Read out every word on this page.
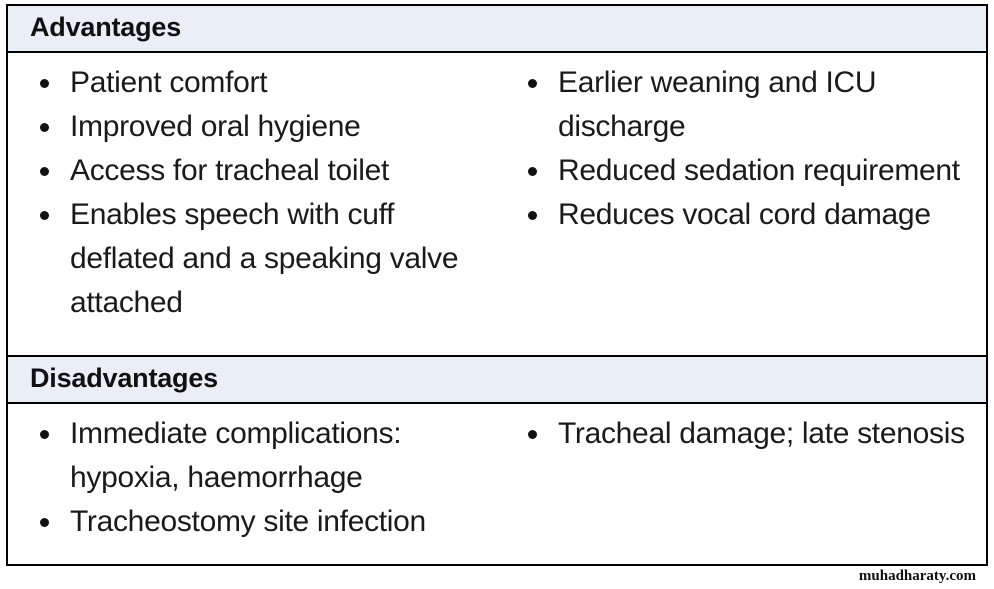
Advantages
Patient comfort
Improved oral hygiene
Access for tracheal toilet
Enables speech with cuff deflated and a speaking valve attached
Earlier weaning and ICU discharge
Reduced sedation requirement
Reduces vocal cord damage
Disadvantages
Immediate complications: hypoxia, haemorrhage
Tracheostomy site infection
Tracheal damage; late stenosis
muhadharaty.com
